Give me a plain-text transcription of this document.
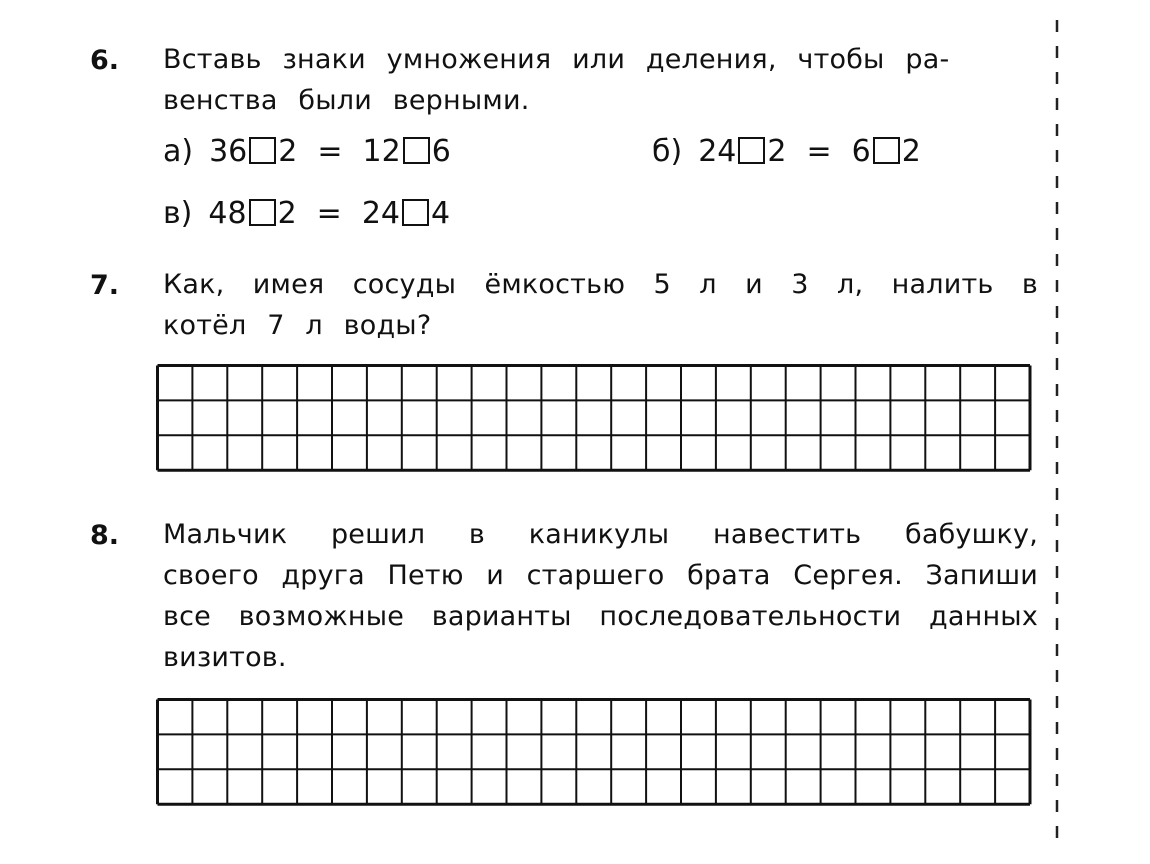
6. Вставь знаки умножения или деления, чтобы ра-
венства были верными.

а) 36 2 = 12 6	б) 24 2 = 6 2
в) 48 2 = 24 4
7. Как, имея сосуды ёмкостью 5 л и 3 л, налить в котёл 7 л воды?

8. Мальчик решил в каникулы навестить бабушку, своего друга Петю и старшего брата Сергея. Запиши все возможные варианты последовательности данных визитов.
